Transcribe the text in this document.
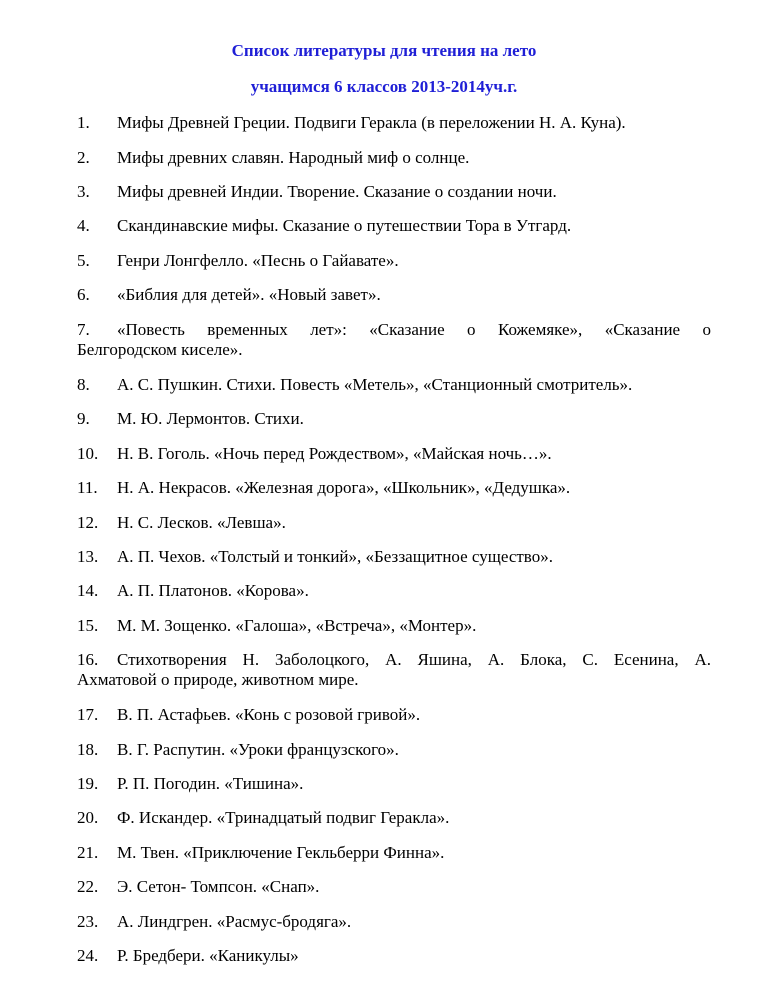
Список литературы для чтения на лето
учащимся 6 классов 2013-2014уч.г.
1. Мифы Древней Греции. Подвиги Геракла (в переложении Н. А. Куна).
2. Мифы древних славян. Народный миф о солнце.
3. Мифы древней Индии. Творение. Сказание о создании ночи.
4. Скандинавские мифы. Сказание о путешествии Тора в Утгард.
5. Генри Лонгфелло. «Песнь о Гайавате».
6. «Библия для детей». «Новый завет».
7. «Повесть временных лет»: «Сказание о Кожемяке», «Сказание о
Белгородском киселе».
8. А. С. Пушкин. Стихи. Повесть «Метель», «Станционный смотритель».
9. М. Ю. Лермонтов. Стихи.
10. Н. В. Гоголь. «Ночь перед Рождеством», «Майская ночь…».
11. Н. А. Некрасов. «Железная дорога», «Школьник», «Дедушка».
12. Н. С. Лесков. «Левша».
13. А. П. Чехов. «Толстый и тонкий», «Беззащитное существо».
14. А. П. Платонов. «Корова».
15. М. М. Зощенко. «Галоша», «Встреча», «Монтер».
16. Стихотворения Н. Заболоцкого, А. Яшина, А. Блока, С. Есенина, А.
Ахматовой о природе, животном мире.
17. В. П. Астафьев. «Конь с розовой гривой».
18. В. Г. Распутин. «Уроки французского».
19. Р. П. Погодин. «Тишина».
20. Ф. Искандер. «Тринадцатый подвиг Геракла».
21. М. Твен. «Приключение Гекльберри Финна».
22. Э. Сетон- Томпсон. «Снап».
23. А. Линдгрен. «Расмус-бродяга».
24. Р. Бредбери. «Каникулы»
